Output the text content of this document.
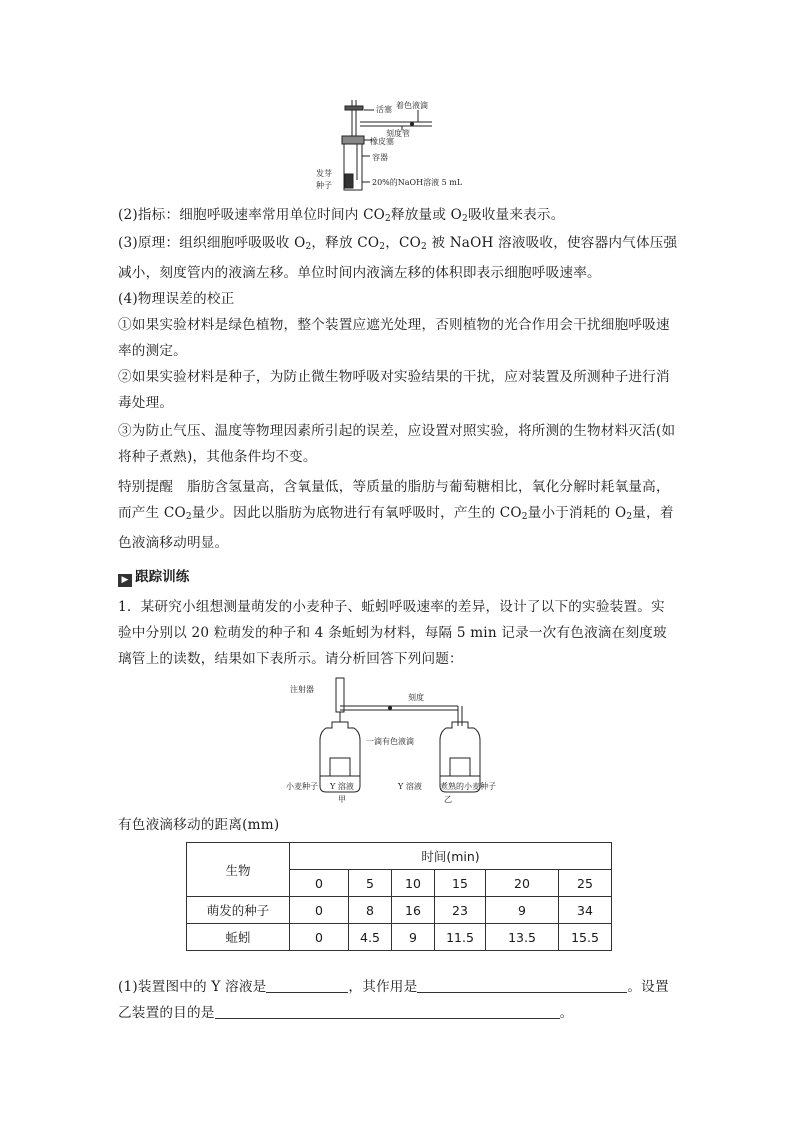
活塞 着色液滴
刻度管
橡皮塞
容器
发芽
种子	20%的NaOH溶液 5 mL
(2)指标：细胞呼吸速率常用单位时间内 $CO_2$释放量或 $O_2$吸收量来表示。
(3)原理：组织细胞呼吸吸收 $O_2$，释放 $CO_2$，$CO_2$ 被 NaOH 溶液吸收，使容器内气体压强减小，刻度管内的液滴左移。单位时间内液滴左移的体积即表示细胞呼吸速率。
(4)物理误差的校正
①如果实验材料是绿色植物，整个装置应遮光处理，否则植物的光合作用会干扰细胞呼吸速率的测定。
②如果实验材料是种子，为防止微生物呼吸对实验结果的干扰，应对装置及所测种子进行消毒处理。
③为防止气压、温度等物理因素所引起的误差，应设置对照实验，将所测的生物材料灭活(如将种子煮熟)，其他条件均不变。
特别提醒　脂肪含氢量高，含氧量低，等质量的脂肪与葡萄糖相比，氧化分解时耗氧量高，而产生 $CO_2$量少。因此以脂肪为底物进行有氧呼吸时，产生的 $CO_2$量小于消耗的 $O_2$量，着色液滴移动明显。
▶ 跟踪训练
1．某研究小组想测量萌发的小麦种子、蚯蚓呼吸速率的差异，设计了以下的实验装置。实验中分别以 20 粒萌发的种子和 4 条蚯蚓为材料，每隔 5 min 记录一次有色液滴在刻度玻璃管上的读数，结果如下表所示。请分析回答下列问题：
注射器
刻度
一滴有色液滴
小麦种子 Y 溶液
甲
Y 溶液 煮熟的小麦种子
乙
有色液滴移动的距离(mm)
生物	时间(min)					
	0	5	10	15	20	25
萌发的种子	0	8	16	23	9	34
蚯蚓	0	4.5	9	11.5	13.5	15.5
(1)装置图中的 Y 溶液是	，其作用是	。设置乙装置的目的是	。
